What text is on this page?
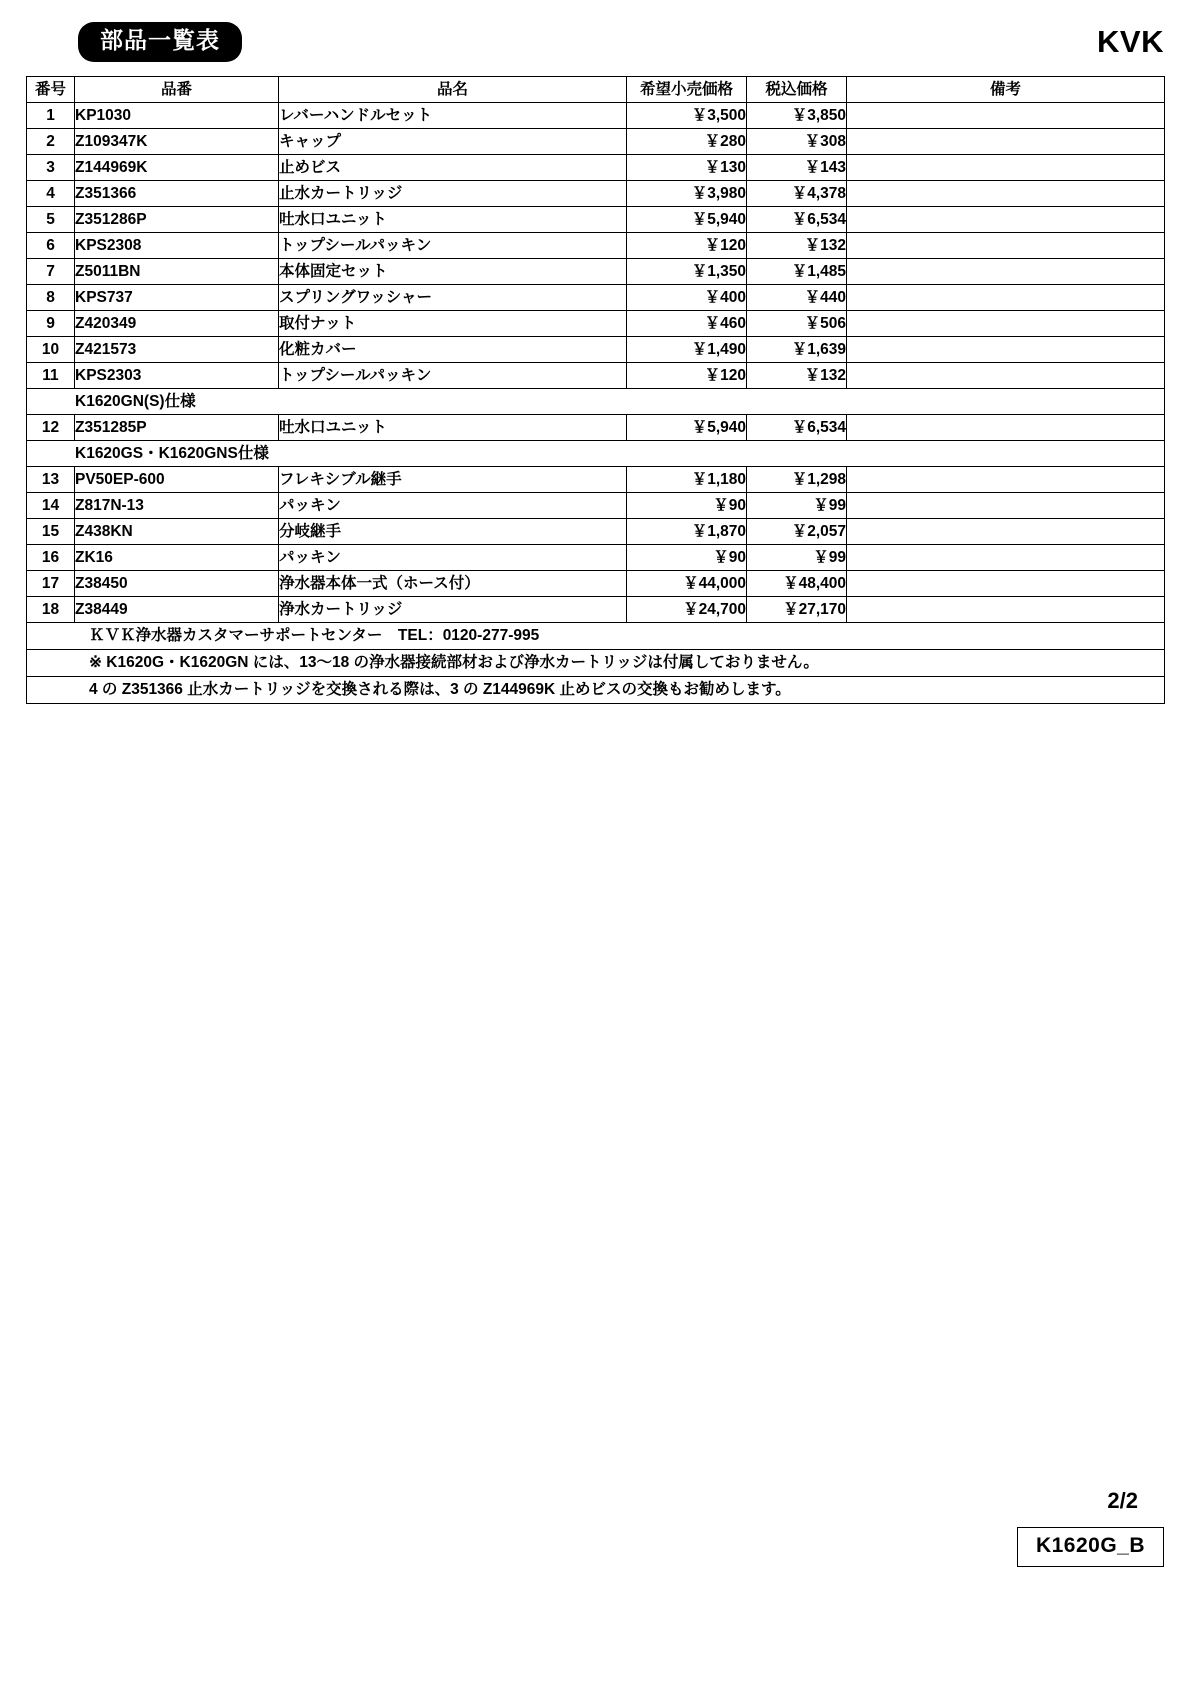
部品一覧表	KVK
番号	品番	品名	希望小売価格	税込価格	備考
1	KP1030	レバーハンドルセット	￥3,500	￥3,850	
2	Z109347K	キャップ	￥280	￥308	
3	Z144969K	止めビス	￥130	￥143	
4	Z351366	止水カートリッジ	￥3,980	￥4,378	
5	Z351286P	吐水口ユニット	￥5,940	￥6,534	
6	KPS2308	トップシールパッキン	￥120	￥132	
7	Z5011BN	本体固定セット	￥1,350	￥1,485	
8	KPS737	スプリングワッシャー	￥400	￥440	
9	Z420349	取付ナット	￥460	￥506	
10	Z421573	化粧カバー	￥1,490	￥1,639	
11	KPS2303	トップシールパッキン	￥120	￥132	
K1620GN(S)仕様					
12	Z351285P	吐水口ユニット	￥5,940	￥6,534	
K1620GS・K1620GNS仕様					
13	PV50EP-600	フレキシブル継手	￥1,180	￥1,298	
14	Z817N-13	パッキン	￥90	￥99	
15	Z438KN	分岐継手	￥1,870	￥2,057	
16	ZK16	パッキン	￥90	￥99	
17	Z38450	浄水器本体一式（ホース付）	￥44,000	￥48,400	
18	Z38449	浄水カートリッジ	￥24,700	￥27,170	
ＫＶＫ浄水器カスタマーサポートセンター　TEL：0120-277-995					
※ K1620G・K1620GN には、13～18 の浄水器接続部材および浄水カートリッジは付属しておりません。					
4 の Z351366 止水カートリッジを交換される際は、3 の Z144969K 止めビスの交換もお勧めします。					
2/2
K1620G_B
